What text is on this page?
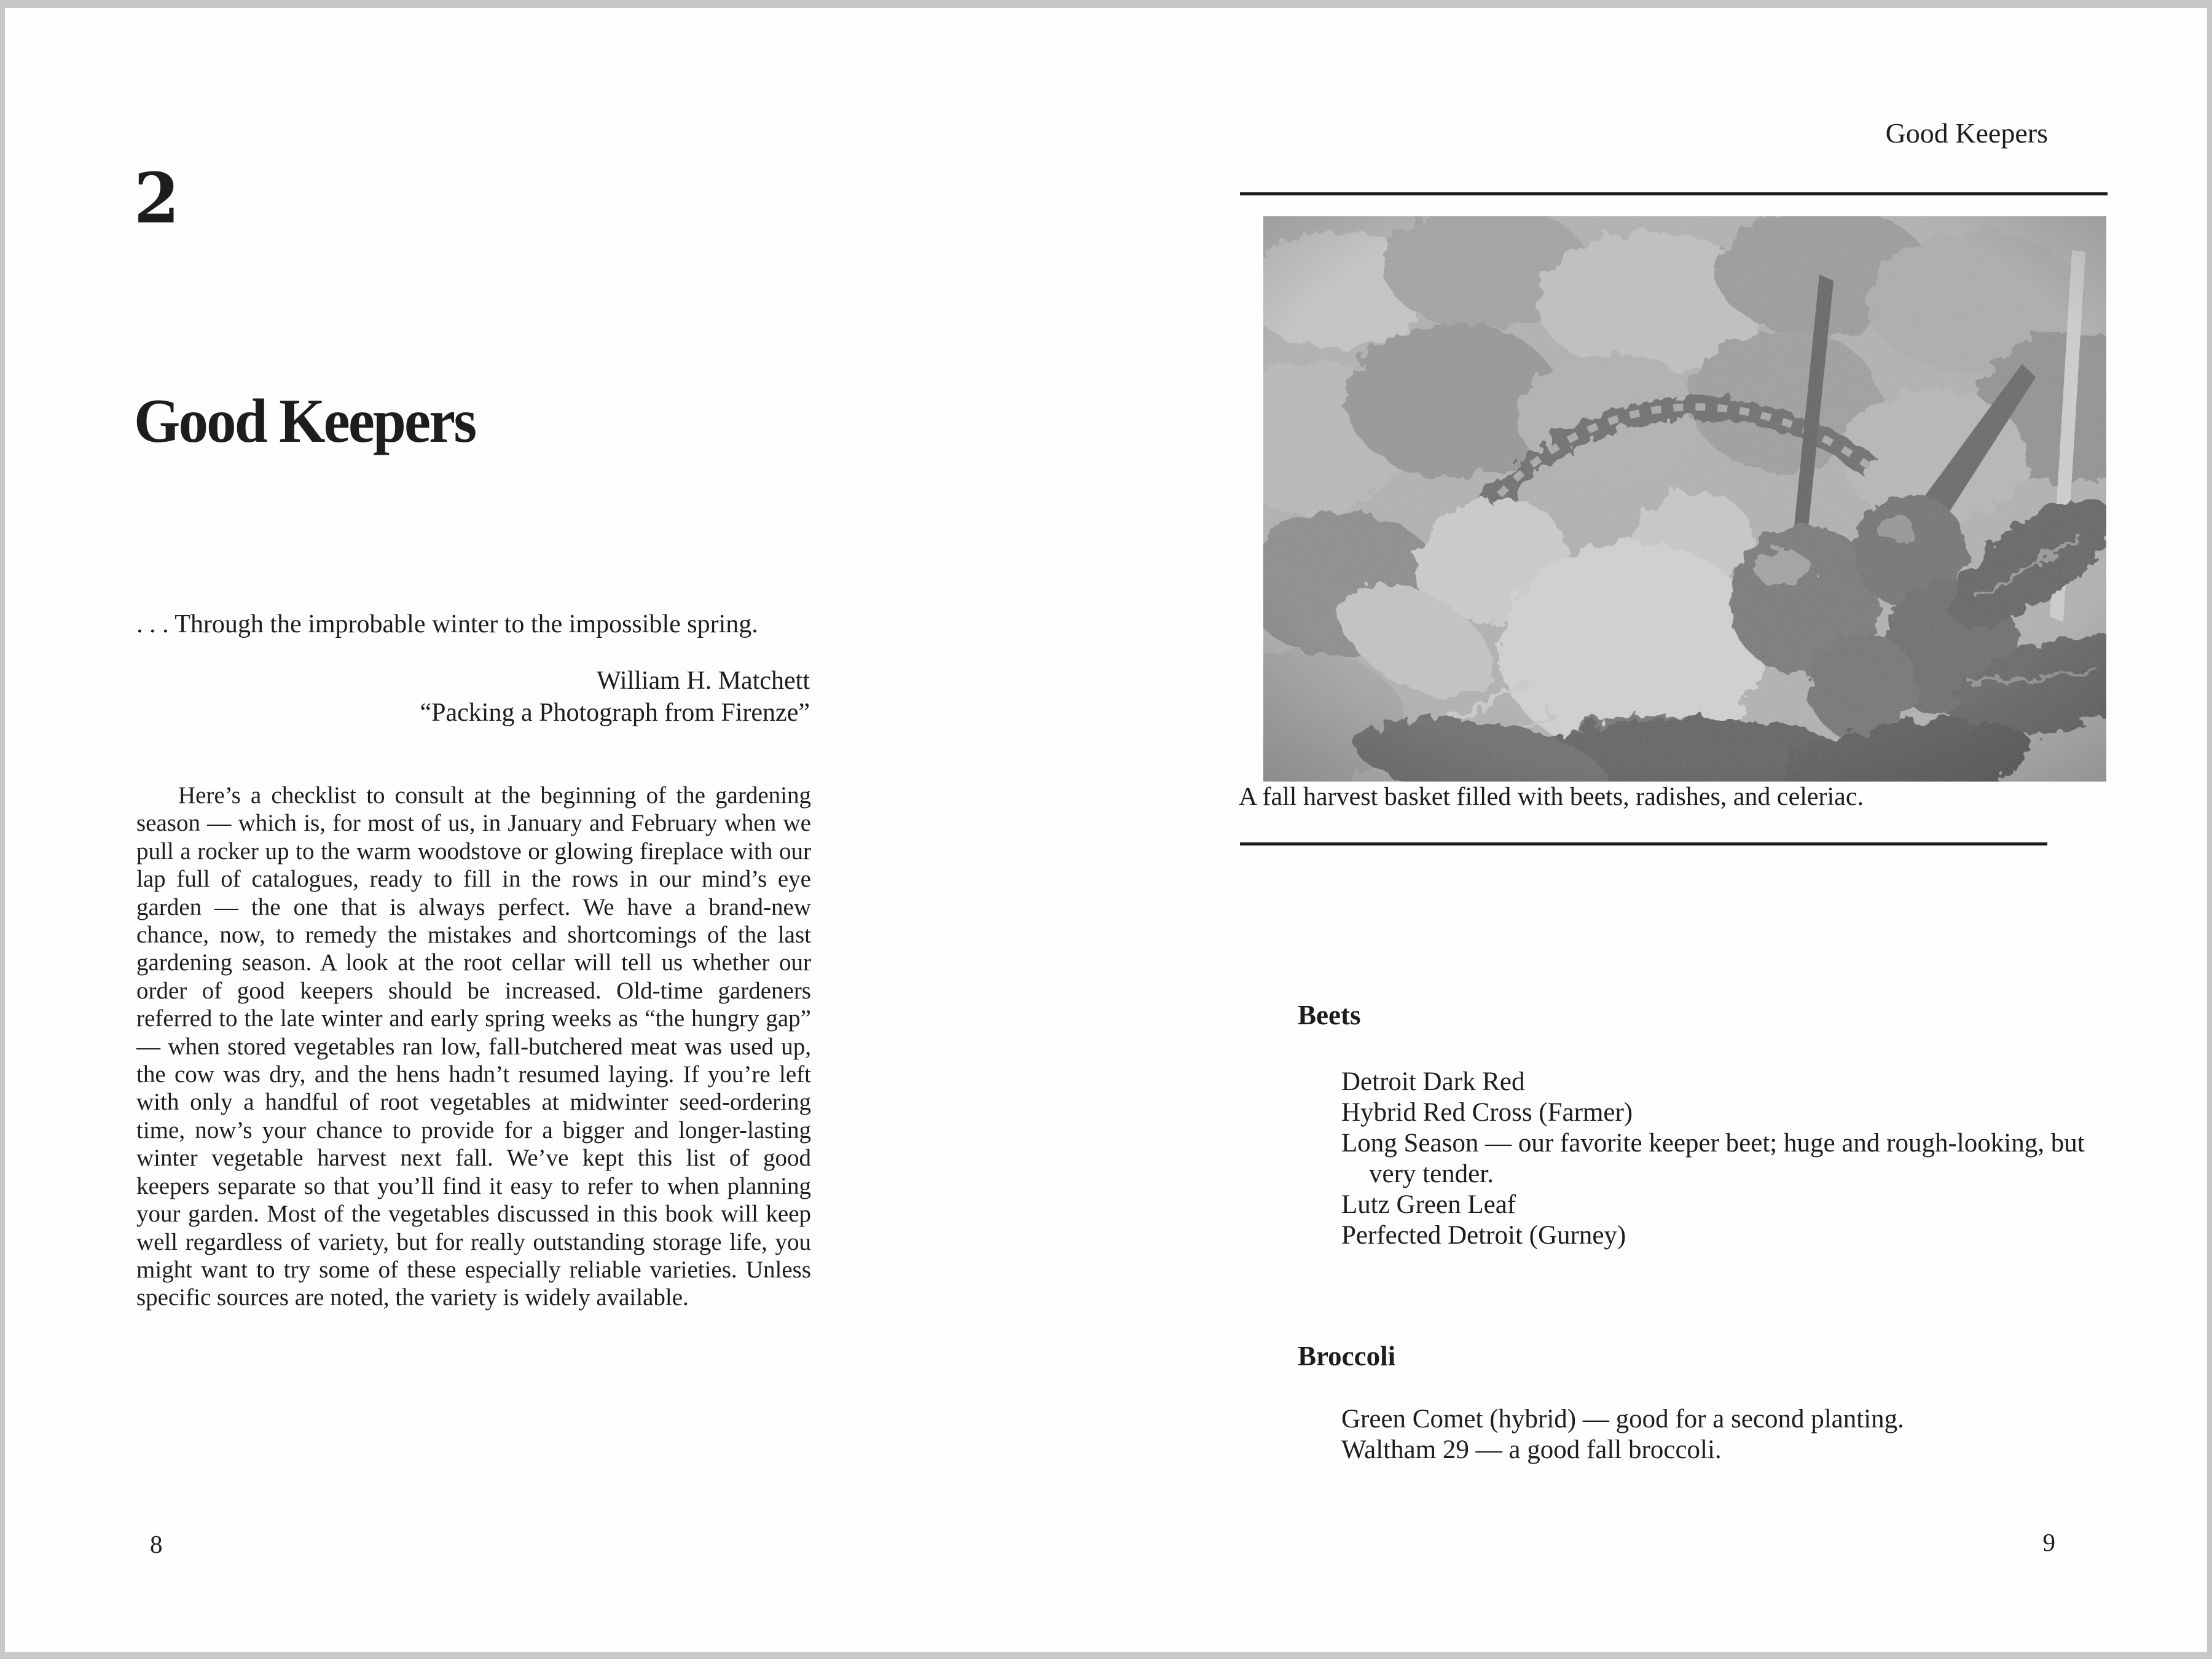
2
Good Keepers

. . . Through the improbable winter to the impossible spring.

William H. Matchett
“Packing a Photograph from Firenze”

Here’s a checklist to consult at the beginning of the gardening season — which is, for most of us, in January and February when we pull a rocker up to the warm woodstove or glowing fireplace with our lap full of catalogues, ready to fill in the rows in our mind’s eye garden — the one that is always perfect. We have a brand-new chance, now, to remedy the mistakes and shortcomings of the last gardening season. A look at the root cellar will tell us whether our order of good keepers should be increased. Old-time gardeners referred to the late winter and early spring weeks as “the hungry gap” — when stored vegetables ran low, fall-butchered meat was used up, the cow was dry, and the hens hadn’t resumed laying. If you’re left with only a handful of root vegetables at midwinter seed-ordering time, now’s your chance to provide for a bigger and longer-lasting winter vegetable harvest next fall. We’ve kept this list of good keepers separate so that you’ll find it easy to refer to when planning your garden. Most of the vegetables discussed in this book will keep well regardless of variety, but for really outstanding storage life, you might want to try some of these especially reliable varieties. Unless specific sources are noted, the variety is widely available.

8
Good Keepers
A fall harvest basket filled with beets, radishes, and celeriac.
Beets
Detroit Dark Red
Hybrid Red Cross (Farmer)
Long Season — our favorite keeper beet; huge and rough-looking, but very tender.
Lutz Green Leaf
Perfected Detroit (Gurney)
Broccoli
Green Comet (hybrid) — good for a second planting.
Waltham 29 — a good fall broccoli.
9
